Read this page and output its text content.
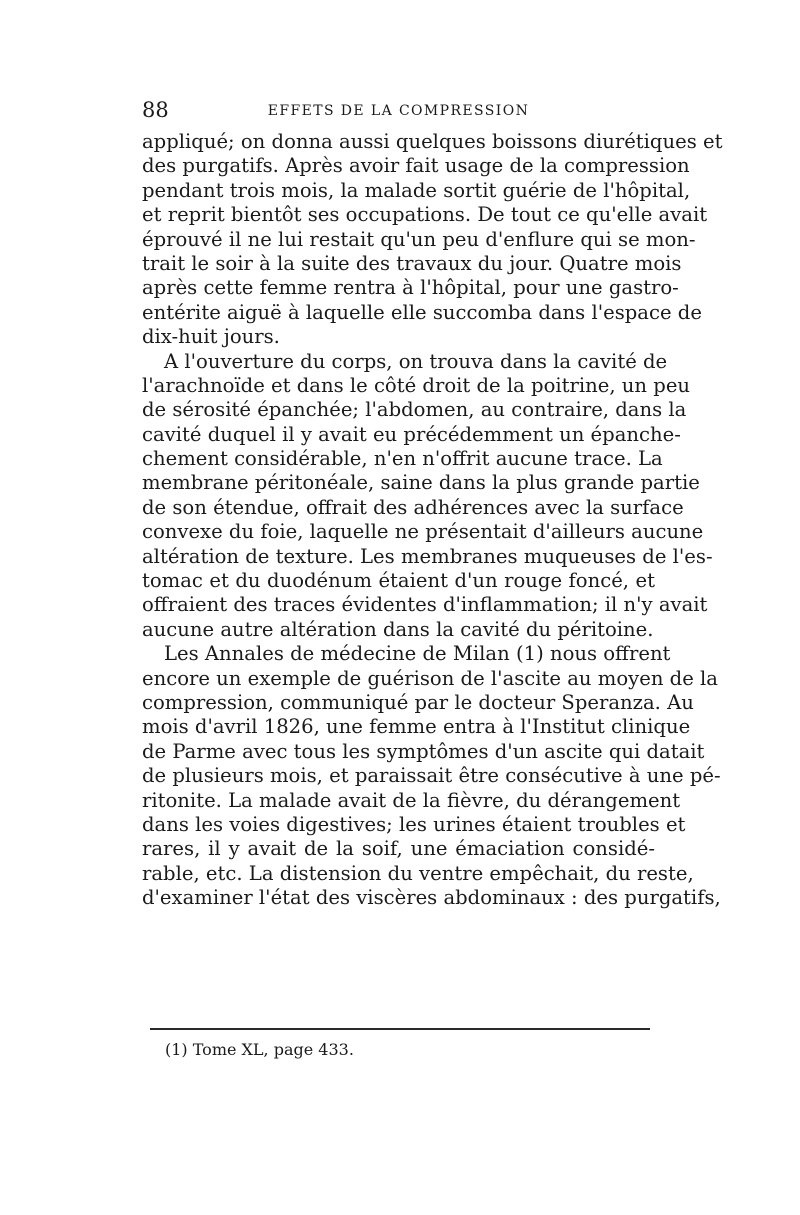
88	EFFETS DE LA COMPRESSION
appliqué; on donna aussi quelques boissons diurétiques et
des purgatifs. Après avoir fait usage de la compression
pendant trois mois, la malade sortit guérie de l'hôpital,
et reprit bientôt ses occupations. De tout ce qu'elle avait
éprouvé il ne lui restait qu'un peu d'enflure qui se mon-
trait le soir à la suite des travaux du jour. Quatre mois
après cette femme rentra à l'hôpital, pour une gastro-
entérite aiguë à laquelle elle succomba dans l'espace de
dix-huit jours.
A l'ouverture du corps, on trouva dans la cavité de
l'arachnoïde et dans le côté droit de la poitrine, un peu
de sérosité épanchée; l'abdomen, au contraire, dans la
cavité duquel il y avait eu précédemment un épanche-
chement considérable, n'en n'offrit aucune trace. La
membrane péritonéale, saine dans la plus grande partie
de son étendue, offrait des adhérences avec la surface
convexe du foie, laquelle ne présentait d'ailleurs aucune
altération de texture. Les membranes muqueuses de l'es-
tomac et du duodénum étaient d'un rouge foncé, et
offraient des traces évidentes d'inflammation; il n'y avait
aucune autre altération dans la cavité du péritoine.
Les Annales de médecine de Milan (1) nous offrent
encore un exemple de guérison de l'ascite au moyen de la
compression, communiqué par le docteur Speranza. Au
mois d'avril 1826, une femme entra à l'Institut clinique
de Parme avec tous les symptômes d'un ascite qui datait
de plusieurs mois, et paraissait être consécutive à une pé-
ritonite. La malade avait de la fièvre, du dérangement
dans les voies digestives; les urines étaient troubles et
rares, il y avait de la soif, une émaciation considé-
rable, etc. La distension du ventre empêchait, du reste,
d'examiner l'état des viscères abdominaux : des purgatifs,
(1) Tome XL, page 433.
